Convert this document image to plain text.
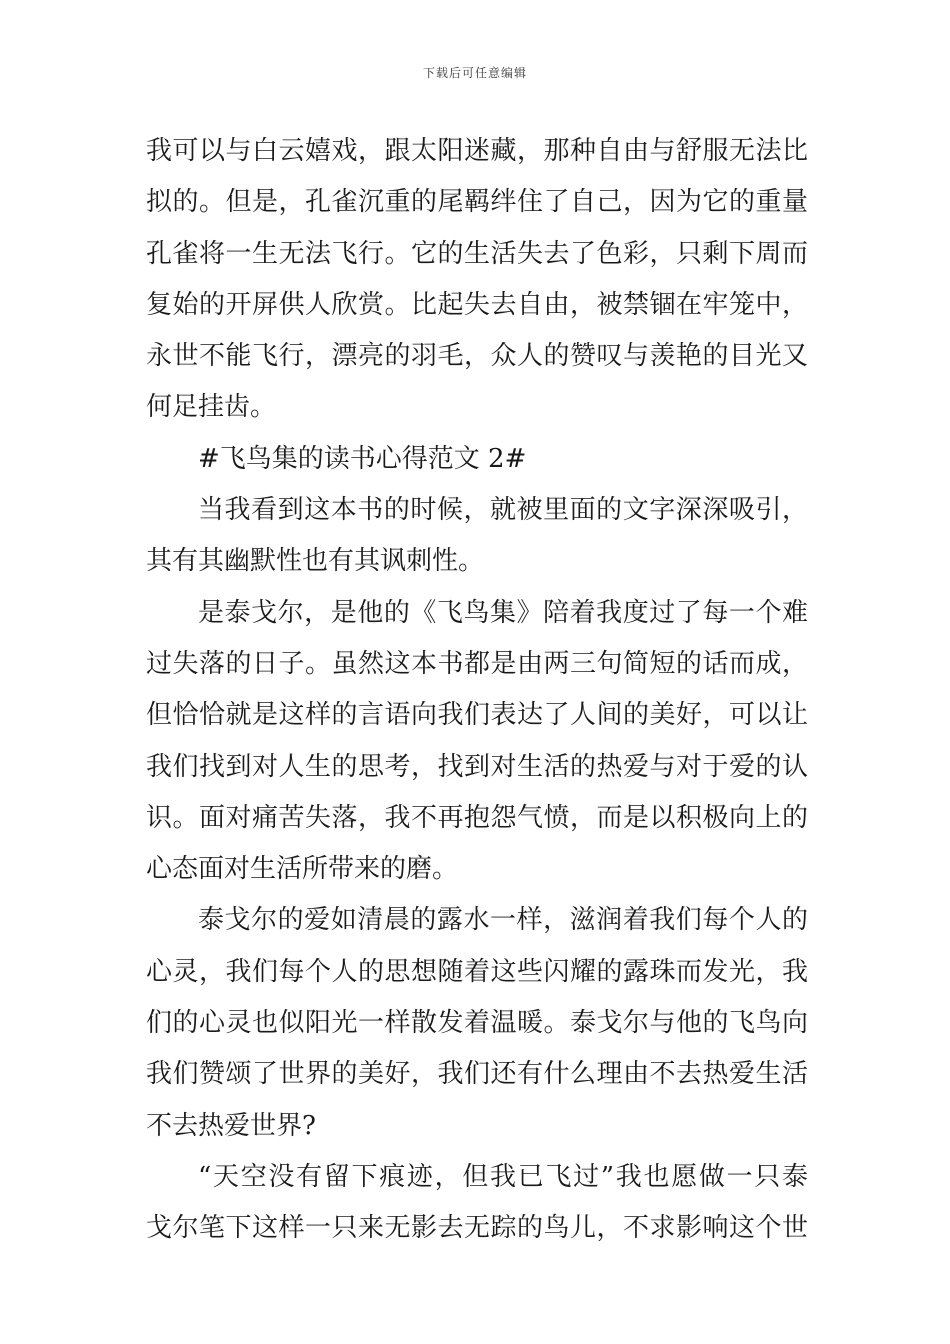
下载后可任意编辑
我可以与白云嬉戏，跟太阳迷藏，那种自由与舒服无法比
拟的。但是，孔雀沉重的尾羁绊住了自己，因为它的重量
孔雀将一生无法飞行。它的生活失去了色彩，只剩下周而
复始的开屏供人欣赏。比起失去自由，被禁锢在牢笼中，
永世不能飞行，漂亮的羽毛，众人的赞叹与羡艳的目光又
何足挂齿。
#飞鸟集的读书心得范文 2#
当我看到这本书的时候，就被里面的文字深深吸引，
其有其幽默性也有其讽刺性。
是泰戈尔，是他的《飞鸟集》陪着我度过了每一个难
过失落的日子。虽然这本书都是由两三句简短的话而成，
但恰恰就是这样的言语向我们表达了人间的美好，可以让
我们找到对人生的思考，找到对生活的热爱与对于爱的认
识。面对痛苦失落，我不再抱怨气愤，而是以积极向上的
心态面对生活所带来的磨。
泰戈尔的爱如清晨的露水一样，滋润着我们每个人的
心灵，我们每个人的思想随着这些闪耀的露珠而发光，我
们的心灵也似阳光一样散发着温暖。泰戈尔与他的飞鸟向
我们赞颂了世界的美好，我们还有什么理由不去热爱生活
不去热爱世界?
“天空没有留下痕迹，但我已飞过”我也愿做一只泰
戈尔笔下这样一只来无影去无踪的鸟儿，不求影响这个世
